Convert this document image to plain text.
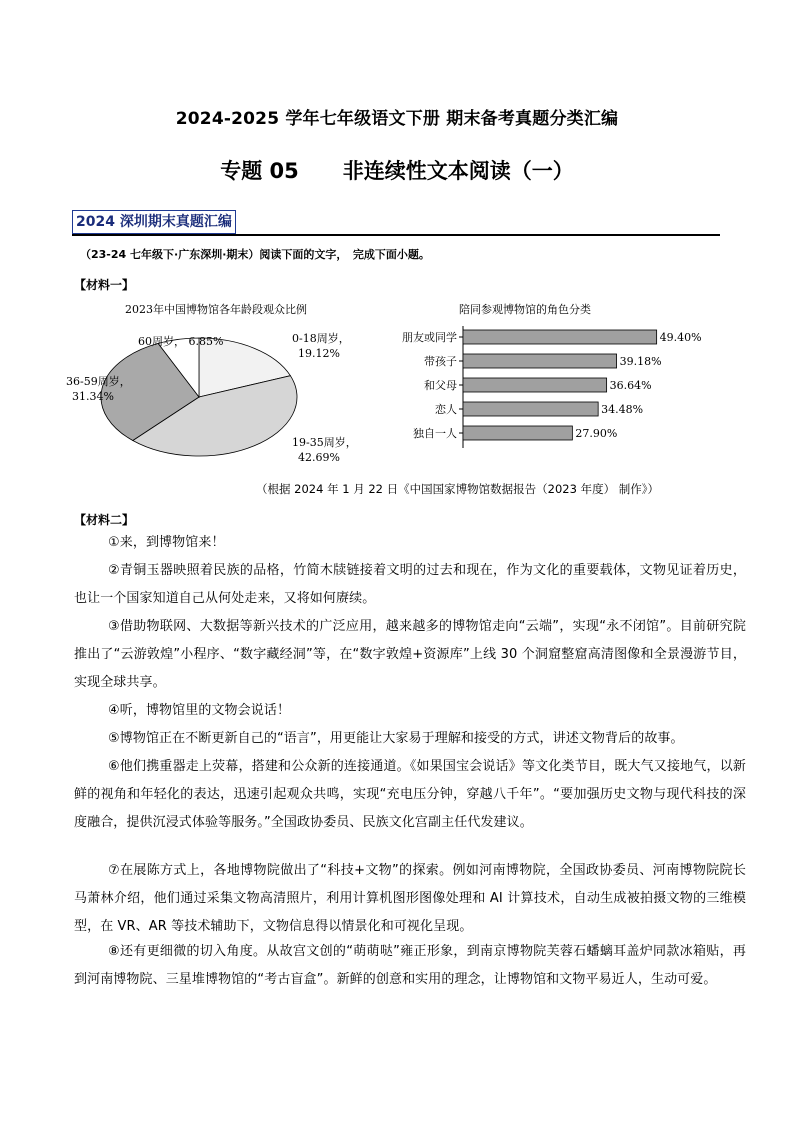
2024-2025 学年七年级语文下册 期末备考真题分类汇编
专题 05 非连续性文本阅读（一）
2024 深圳期末真题汇编
（23-24 七年级下·广东深圳·期末）阅读下面的文字，　完成下面小题。
【材料一】
2023年中国博物馆各年龄段观众比例
0-18周岁，
19.12%
19-35周岁，
42.69%
36-59周岁，
31.34%
60周岁， 6.85%
陪同参观博物馆的角色分类
朋友或同学	49.40%
带孩子	39.18%
和父母	36.64%
恋人	34.48%
独自一人	27.90%
（根据 2024 年 1 月 22 日《中国国家博物馆数据报告（2023 年度） 制作》）
【材料二】
①来，到博物馆来！
②青铜玉器映照着民族的品格，竹简木牍链接着文明的过去和现在，作为文化的重要载体，文物见证着历史，也让一个国家知道自己从何处走来，又将如何赓续。
③借助物联网、大数据等新兴技术的广泛应用，越来越多的博物馆走向“云端”，实现“永不闭馆”。目前研究院推出了“云游敦煌”小程序、“数字藏经洞”等，在“数字敦煌+资源库”上线 30 个洞窟整窟高清图像和全景漫游节目，实现全球共享。
④听，博物馆里的文物会说话！
⑤博物馆正在不断更新自己的“语言”，用更能让大家易于理解和接受的方式，讲述文物背后的故事。
⑥他们携重器走上荧幕，搭建和公众新的连接通道。《如果国宝会说话》等文化类节目，既大气又接地气，以新鲜的视角和年轻化的表达，迅速引起观众共鸣，实现“充电压分钟，穿越八千年”。“要加强历史文物与现代科技的深度融合，提供沉浸式体验等服务。”全国政协委员、民族文化宫副主任代发建议。
⑦在展陈方式上，各地博物院做出了“科技+文物”的探索。例如河南博物院，全国政协委员、河南博物院院长马萧林介绍，他们通过采集文物高清照片，利用计算机图形图像处理和 AI 计算技术，自动生成被拍摄文物的三维模型，在 VR、AR 等技术辅助下，文物信息得以情景化和可视化呈现。
⑧还有更细微的切入角度。从故宫文创的“萌萌哒”雍正形象，到南京博物院芙蓉石蟠螭耳盖炉同款冰箱贴，再到河南博物院、三星堆博物馆的“考古盲盒”。新鲜的创意和实用的理念，让博物馆和文物平易近人，生动可爱。
